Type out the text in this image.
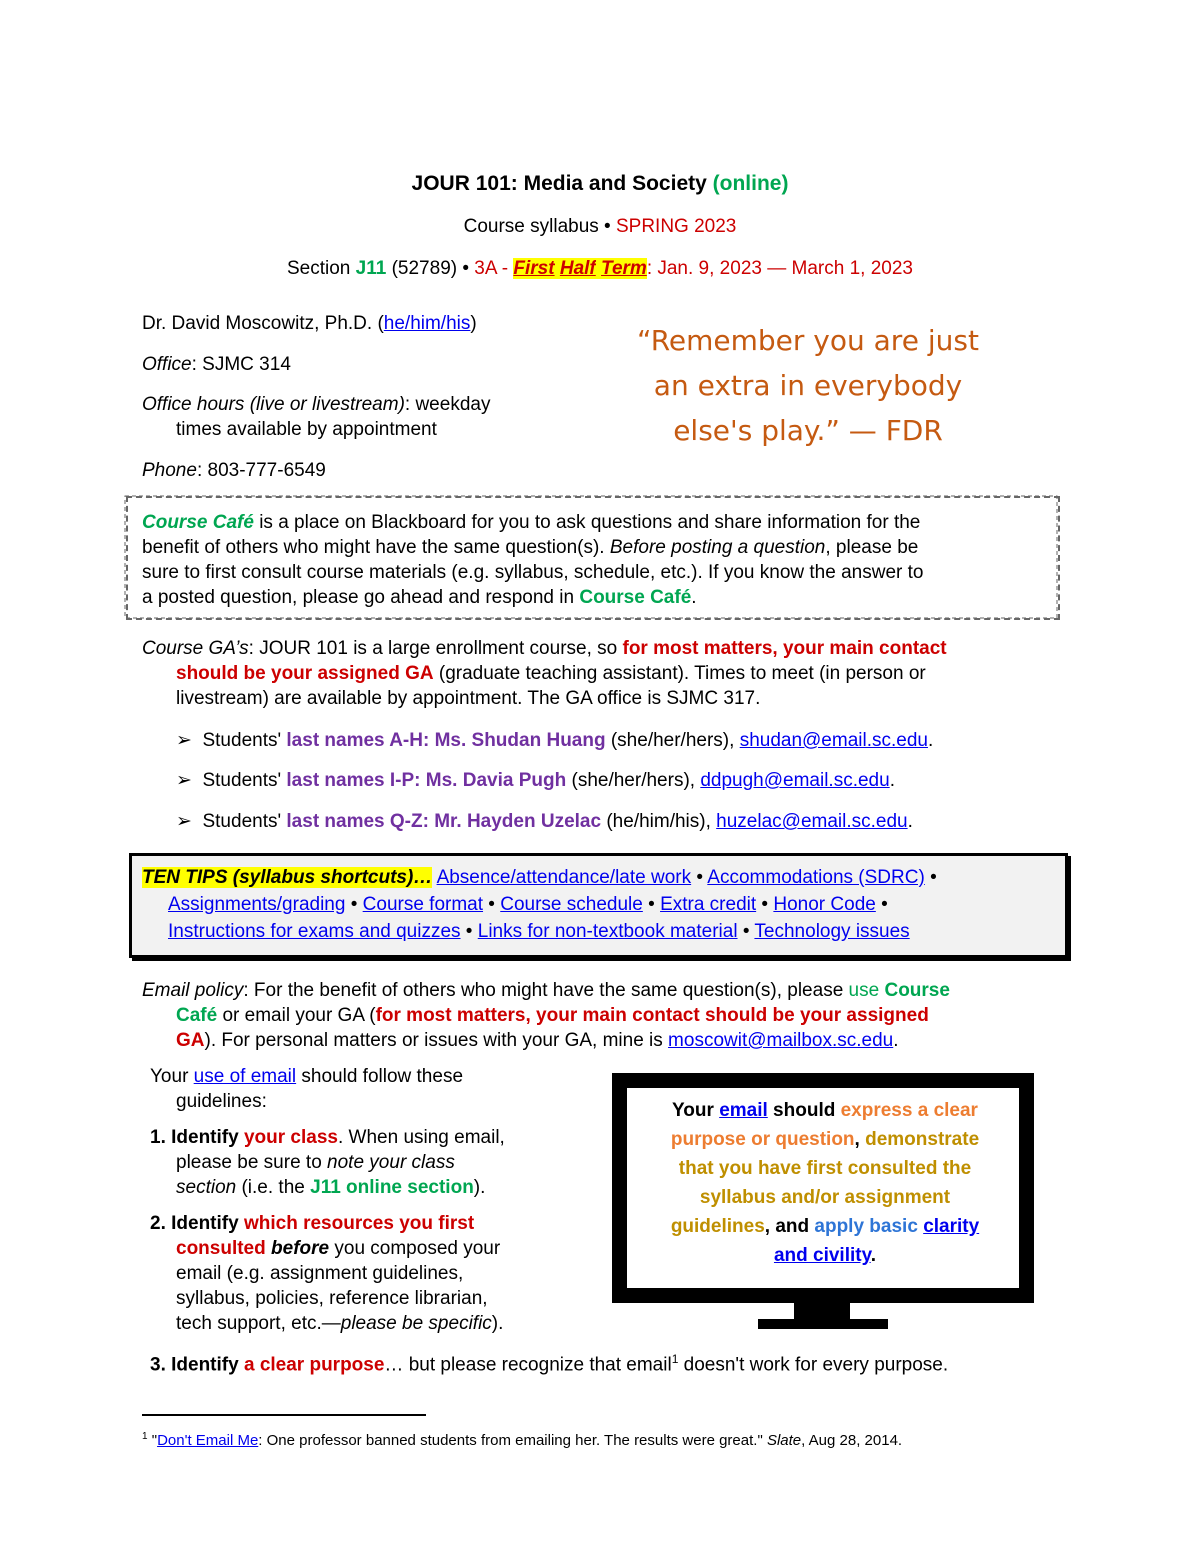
JOUR 101: Media and Society (online)
Course syllabus • SPRING 2023
Section J11 (52789) • 3A - First Half Term: Jan. 9, 2023 — March 1, 2023
Dr. David Moscowitz, Ph.D. (he/him/his)
Office: SJMC 314
Office hours (live or livestream): weekday
times available by appointment
Phone: 803-777-6549
“Remember you are just
an extra in everybody
else's play.” — FDR
Course Café is a place on Blackboard for you to ask questions and share information for the
benefit of others who might have the same question(s). Before posting a question, please be
sure to first consult course materials (e.g. syllabus, schedule, etc.). If you know the answer to
a posted question, please go ahead and respond in Course Café.
Course GA’s: JOUR 101 is a large enrollment course, so for most matters, your main contact
should be your assigned GA (graduate teaching assistant). Times to meet (in person or
livestream) are available by appointment. The GA office is SJMC 317.
➢ Students' last names A-H: Ms. Shudan Huang (she/her/hers), shudan@email.sc.edu.
➢ Students' last names I-P: Ms. Davia Pugh (she/her/hers), ddpugh@email.sc.edu.
➢ Students' last names Q-Z: Mr. Hayden Uzelac (he/him/his), huzelac@email.sc.edu.
TEN TIPS (syllabus shortcuts)… Absence/attendance/late work • Accommodations (SDRC) •
Assignments/grading • Course format • Course schedule • Extra credit • Honor Code •
Instructions for exams and quizzes • Links for non-textbook material • Technology issues
Email policy: For the benefit of others who might have the same question(s), please use Course
Café or email your GA (for most matters, your main contact should be your assigned
GA). For personal matters or issues with your GA, mine is moscowit@mailbox.sc.edu.
Your use of email should follow these
guidelines:
1. Identify your class. When using email,
please be sure to note your class
section (i.e. the J11 online section).
2. Identify which resources you first
consulted before you composed your
email (e.g. assignment guidelines,
syllabus, policies, reference librarian,
tech support, etc.—please be specific).
3. Identify a clear purpose… but please recognize that email$^1$ doesn't work for every purpose.
Your email should express a clear
purpose or question, demonstrate
that you have first consulted the
syllabus and/or assignment
guidelines, and apply basic clarity
and civility.
$^1$ "Don't Email Me: One professor banned students from emailing her. The results were great." Slate, Aug 28, 2014.
